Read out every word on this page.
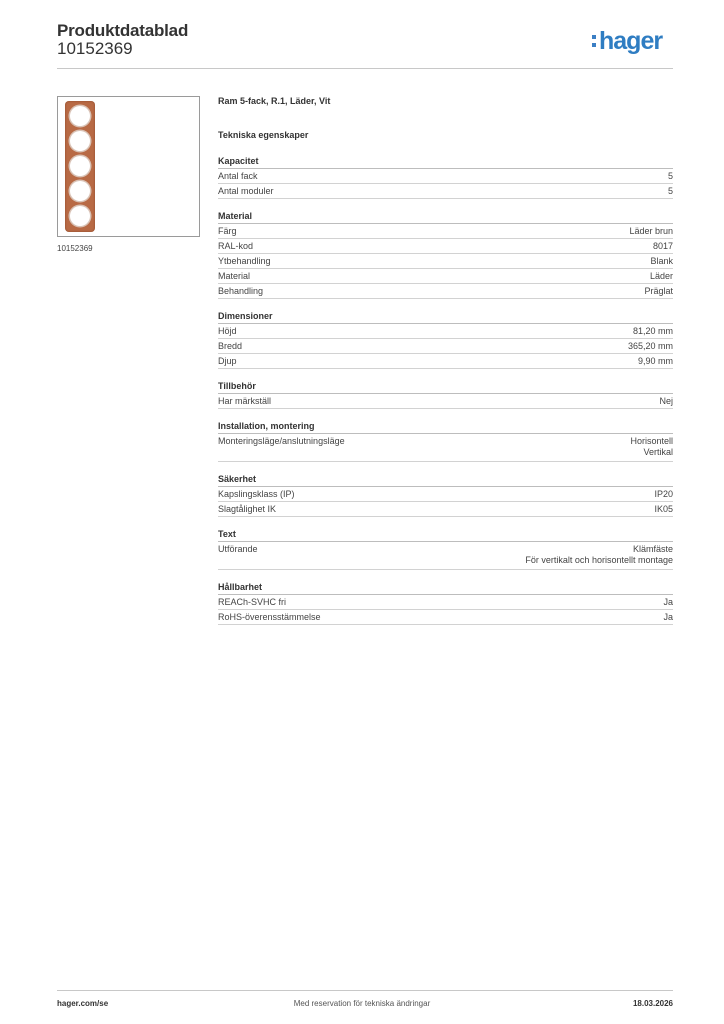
Produktdatablad
10152369	hager
10152369
Ram 5-fack, R.1, Läder, Vit
Tekniska egenskaper
Kapacitet
Antal fack	5
Antal moduler	5
Material
Färg	Läder brun
RAL-kod	8017
Ytbehandling	Blank
Material	Läder
Behandling	Präglat
Dimensioner
Höjd	81,20 mm
Bredd	365,20 mm
Djup	9,90 mm
Tillbehör
Har märkställ	Nej
Installation, montering
Monteringsläge/anslutningsläge	Horisontell
Vertikal
Säkerhet
Kapslingsklass (IP)	IP20
Slagtålighet IK	IK05
Text
Utförande	Klämfäste
För vertikalt och horisontellt montage
Hållbarhet
REACh-SVHC fri	Ja
RoHS-överensstämmelse	Ja
Med reservation för tekniska ändringar
hager.com/se	18.03.2026
